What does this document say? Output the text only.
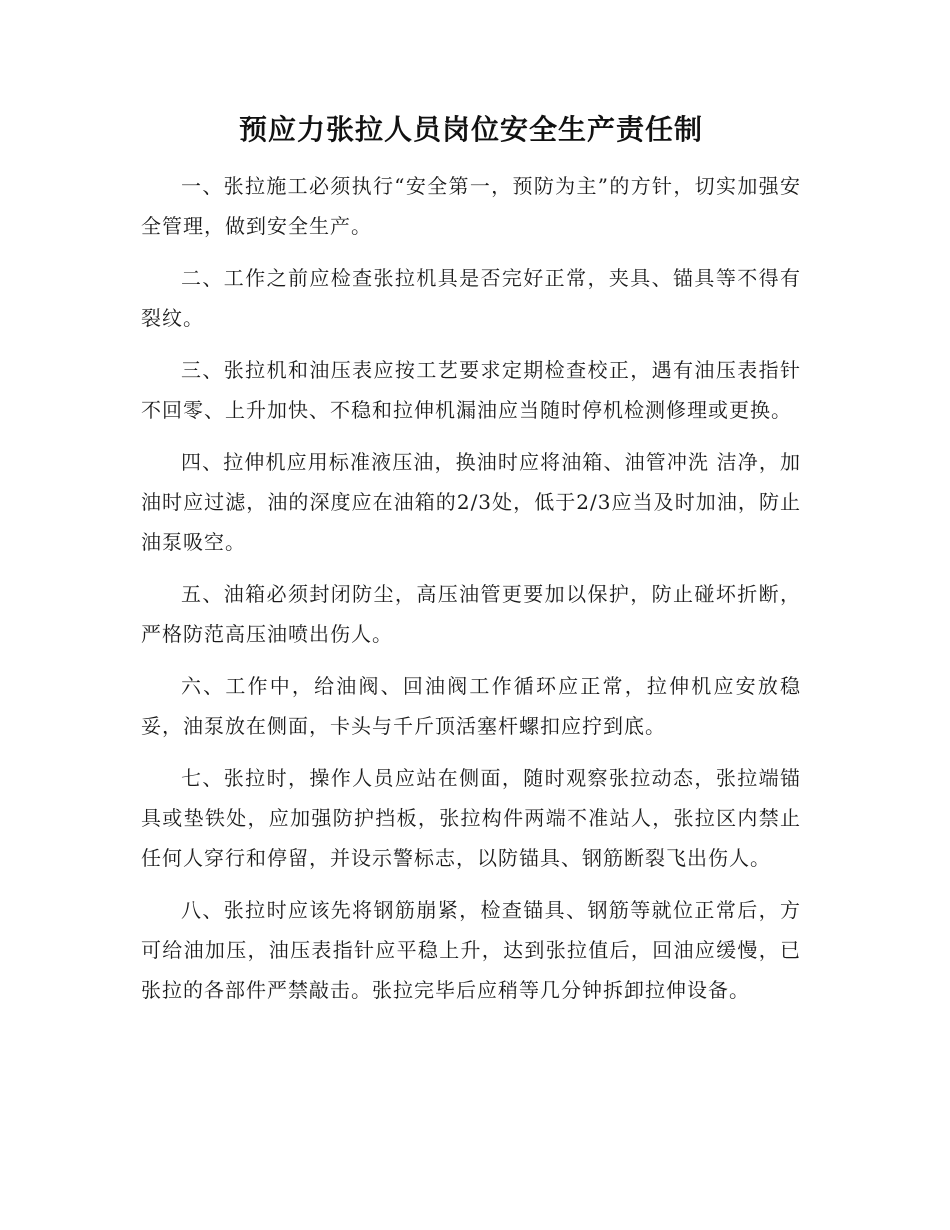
预应力张拉人员岗位安全生产责任制

一、张拉施工必须执行“安全第一，预防为主”的方针，切实加强安全管理，做到安全生产。

二、工作之前应检查张拉机具是否完好正常，夹具、锚具等不得有裂纹。

三、张拉机和油压表应按工艺要求定期检查校正，遇有油压表指针不回零、上升加快、不稳和拉伸机漏油应当随时停机检测修理或更换。

四、拉伸机应用标准液压油，换油时应将油箱、油管冲洗 洁净，加油时应过滤，油的深度应在油箱的2/3处，低于2/3应当及时加油，防止油泵吸空。

五、油箱必须封闭防尘，高压油管更要加以保护，防止碰坏折断，严格防范高压油喷出伤人。

六、工作中，给油阀、回油阀工作循环应正常，拉伸机应安放稳妥，油泵放在侧面，卡头与千斤顶活塞杆螺扣应拧到底。

七、张拉时，操作人员应站在侧面，随时观察张拉动态，张拉端锚具或垫铁处，应加强防护挡板，张拉构件两端不准站人，张拉区内禁止任何人穿行和停留，并设示警标志，以防锚具、钢筋断裂飞出伤人。

八、张拉时应该先将钢筋崩紧，检查锚具、钢筋等就位正常后，方可给油加压，油压表指针应平稳上升，达到张拉值后，回油应缓慢，已张拉的各部件严禁敲击。张拉完毕后应稍等几分钟拆卸拉伸设备。
